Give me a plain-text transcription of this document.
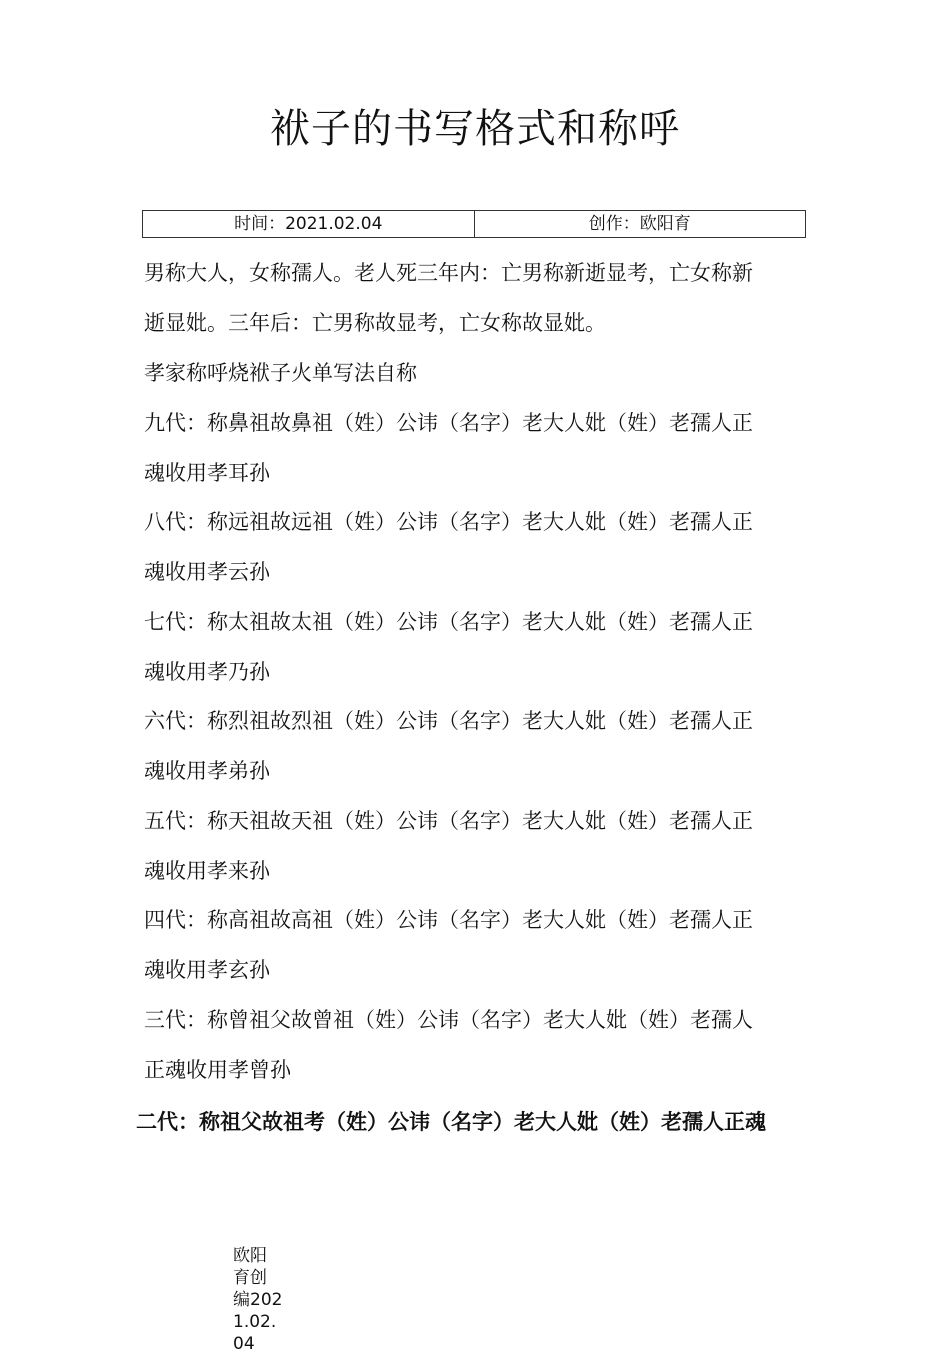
袱子的书写格式和称呼
时间：2021.02.04	创作：欧阳育

男称大人，女称孺人。老人死三年内：亡男称新逝显考，亡女称新

逝显妣。三年后：亡男称故显考，亡女称故显妣。

孝家称呼烧袱子火单写法自称

九代：称鼻祖故鼻祖（姓）公讳（名字）老大人妣（姓）老孺人正

魂收用孝耳孙

八代：称远祖故远祖（姓）公讳（名字）老大人妣（姓）老孺人正

魂收用孝云孙

七代：称太祖故太祖（姓）公讳（名字）老大人妣（姓）老孺人正

魂收用孝乃孙

六代：称烈祖故烈祖（姓）公讳（名字）老大人妣（姓）老孺人正

魂收用孝弟孙

五代：称天祖故天祖（姓）公讳（名字）老大人妣（姓）老孺人正

魂收用孝来孙

四代：称高祖故高祖（姓）公讳（名字）老大人妣（姓）老孺人正

魂收用孝玄孙

三代：称曾祖父故曾祖（姓）公讳（名字）老大人妣（姓）老孺人

正魂收用孝曾孙

二代：称祖父故祖考（姓）公讳（名字）老大人妣（姓）老孺人正魂

欧阳育创编2021.02.04
